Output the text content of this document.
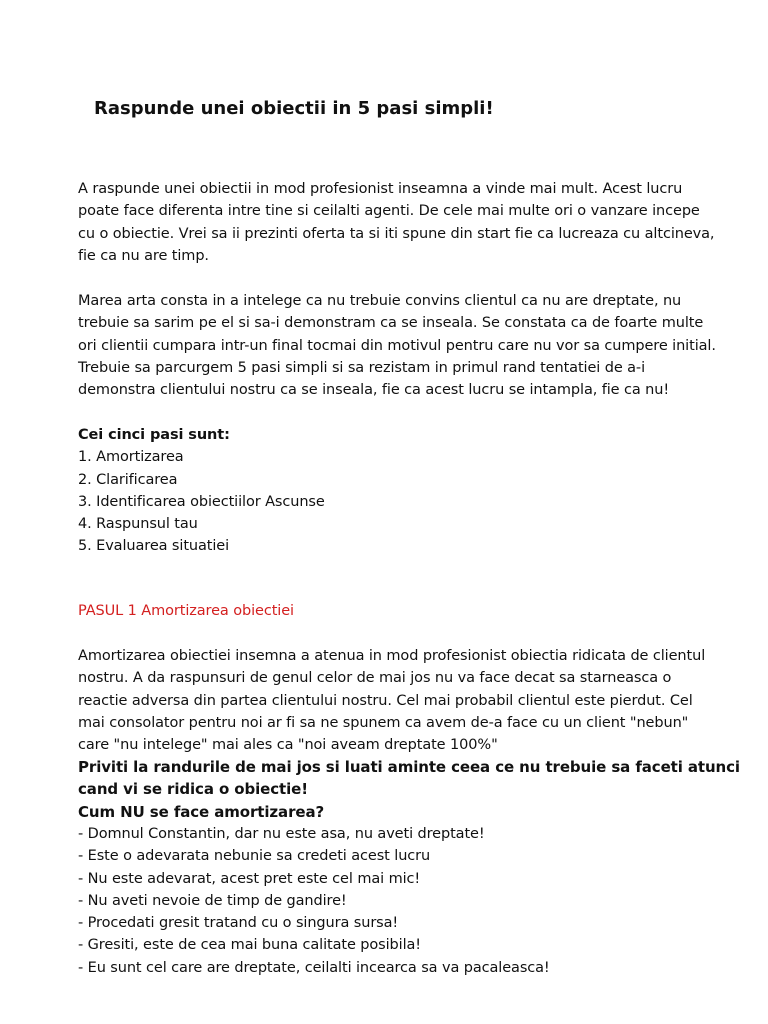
Raspunde unei obiectii in 5 pasi simpli!

A raspunde unei obiectii in mod profesionist inseamna a vinde mai mult. Acest lucru
poate face diferenta intre tine si ceilalti agenti. De cele mai multe ori o vanzare incepe
cu o obiectie. Vrei sa ii prezinti oferta ta si iti spune din start fie ca lucreaza cu altcineva,
fie ca nu are timp.

Marea arta consta in a intelege ca nu trebuie convins clientul ca nu are dreptate, nu
trebuie sa sarim pe el si sa-i demonstram ca se inseala. Se constata ca de foarte multe
ori clientii cumpara intr-un final tocmai din motivul pentru care nu vor sa cumpere initial.
Trebuie sa parcurgem 5 pasi simpli si sa rezistam in primul rand tentatiei de a-i
demonstra clientului nostru ca se inseala, fie ca acest lucru se intampla, fie ca nu!

Cei cinci pasi sunt:
1. Amortizarea
2. Clarificarea
3. Identificarea obiectiilor Ascunse
4. Raspunsul tau
5. Evaluarea situatiei
PASUL 1 Amortizarea obiectiei

Amortizarea obiectiei insemna a atenua in mod profesionist obiectia ridicata de clientul
nostru. A da raspunsuri de genul celor de mai jos nu va face decat sa starneasca o
reactie adversa din partea clientului nostru. Cel mai probabil clientul este pierdut. Cel
mai consolator pentru noi ar fi sa ne spunem ca avem de-a face cu un client "nebun"
care "nu intelege" mai ales ca "noi aveam dreptate 100%"

Priviti la randurile de mai jos si luati aminte ceea ce nu trebuie sa faceti atunci
cand vi se ridica o obiectie!
Cum NU se face amortizarea?
- Domnul Constantin, dar nu este asa, nu aveti dreptate!
- Este o adevarata nebunie sa credeti acest lucru
- Nu este adevarat, acest pret este cel mai mic!
- Nu aveti nevoie de timp de gandire!
- Procedati gresit tratand cu o singura sursa!
- Gresiti, este de cea mai buna calitate posibila!
- Eu sunt cel care are dreptate, ceilalti incearca sa va pacaleasca!
